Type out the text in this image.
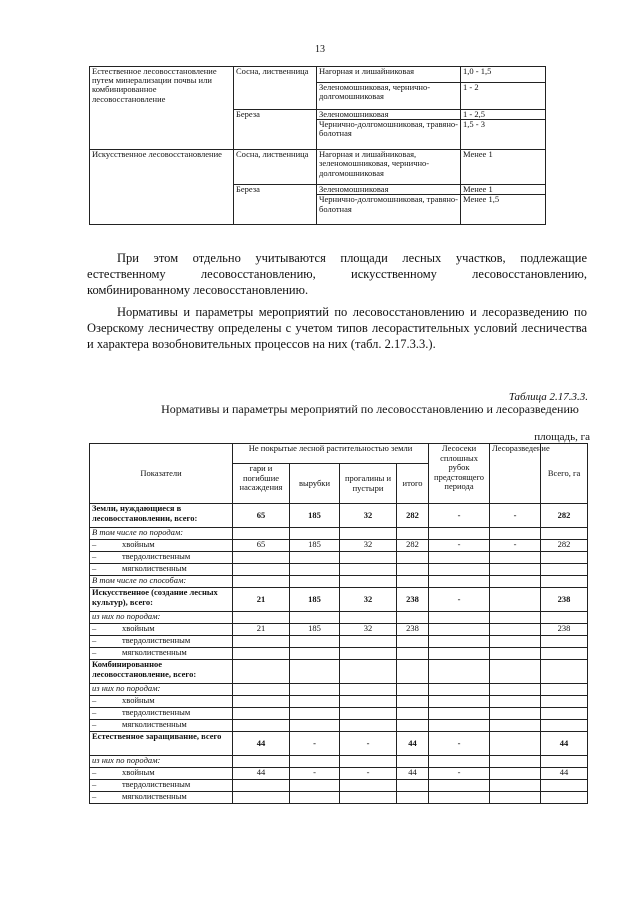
13
Естественное лесовосстановление путем минерализации почвы или комбинированное лесовосстановление	Сосна, лиственница	Нагорная и лишайниковая	1,0 - 1,5
		Зеленомошниковая, чернично-долгомошниковая	1 - 2
	Береза	Зеленомошниковая	1 - 2,5
		Чернично-долгомошниковая, травяно-болотная	1,5 - 3
Искусственное лесовосстановление	Сосна, лиственница	Нагорная и лишайниковая, зеленомошниковая, чернично-долгомошниковая	Менее 1
	Береза	Зеленомошниковая	Менее 1
		Чернично-долгомошниковая, травяно-болотная	Менее 1,5
При этом отдельно учитываются площади лесных участков, подлежащие естественному лесовосстановлению, искусственному лесовосстановлению, комбинированному лесовосстановлению.
Нормативы и параметры мероприятий по лесовосстановлению и лесоразведению по Озерскому лесничеству определены с учетом типов лесорастительных условий лесничества и характера возобновительных процессов на них (табл. 2.17.3.3.).
Таблица 2.17.3.3.
Нормативы и параметры мероприятий по лесовосстановлению и лесоразведению
площадь, га
Показатели	Не покрытые лесной растительностью земли				Лесосеки сплошных рубок предстоящего периода	Лесоразведение	Всего, га
	гари и погибшие насаждения	вырубки	прогалины и пустыри	итого			
Земли, нуждающиеся в лесовосстановлении, всего:	65	185	32	282	-	-	282
В том числе по породам:							
– хвойным	65	185	32	282	-	-	282
– твердолиственным							
– мягколиственным							
В том числе по способам:							
Искусственное (создание лесных культур), всего:	21	185	32	238	-		238
из них по породам:							
– хвойным	21	185	32	238			238
– твердолиственным							
– мягколиственным							
Комбинированное лесовосстановление, всего:							
из них по породам:							
– хвойным							
– твердолиственным							
– мягколиственным							
Естественное заращивание, всего	44	-	-	44	-		44
из них по породам:							
– хвойным	44	-	-	44	-		44
– твердолиственным							
– мягколиственным							
